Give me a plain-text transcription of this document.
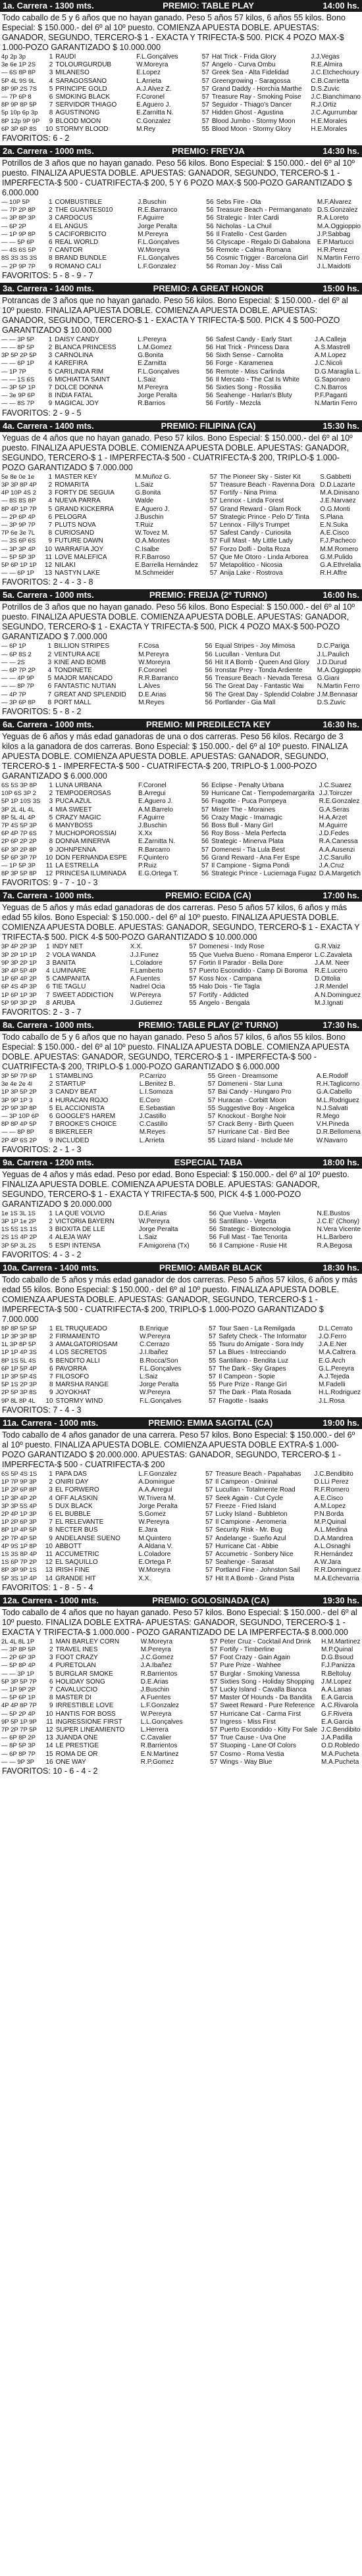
1a. Carrera - 1300 mts.	PREMIO: TABLE PLAY	14:00 hs.
Todo caballo de 5 y 6 años que no hayan ganado. Peso 5 años 57 kilos, 6 años 55 kilos. Bono Especial: $ 150.000.- del 6º al 10º puesto. COMIENZA APUESTA DOBLE. APUESTAS: GANADOR, SEGUNDO, TERCERO-$ 1 - EXACTA Y TRIFECTA-$ 500. PICK 4 POZO MAX-$ 1.000-POZO GARANTIZADO $ 10.000.000
4p 2p 3p	1	RAUDI	F.L.Gonçalves	57	Hat Trick - Frida Glory	J.J.Vegas
3e 6e 1P 2S	2	TOLOURGURDUB	W.Moreyra	57	Angelo - Curva Ombu	R.E.Almira
— 6S 8P 8P	3	MILANESO	E.Lopez	57	Greek Sea - Alta Fidelidad	J.C.Etchechoury
5P 4L 9S 9L	4	SARAGOSSANO	L.Arrieta	57	Greengrowing - Saragossa	C.B.Carrietta
8P 9P 2S 7S	5	PRINCIPE GOLD	A.J.Alvez Z.	57	Grand Daddy - Horchia Marthe	D.S.Zuvic
— 7P 6P 8	6	SMOKING BLACK	F.Coronel	57	Treasure Ray - Smoking Poise	J.C.Bianchimano
8P 9P 8P 5P	7	SERVIDOR THIAGO	E.Aguero J.	57	Seguidor - Thiago's Dancer	R.J.Ortiz
5p 10p 6p 3p	8	AGUSTINONG	E.Zarnitta N.	57	Hidden Ghost - Agustina	J.C.Agurrumbar
8P 12p 9P 9P	9	BLOOD MOON	C.Gonzalez	57	Blood Jumbo - Stormy Moon	H.E.Morales
6P 3P 6P 8S	10	STORMY BLOOD	M.Rey	55	Blood Moon - Stormy Glory	H.E.Morales
FAVORITOS: 6 - 2
2a. Carrera - 1000 mts.	PREMIO: FREYJA	14:30 hs.
Potrillos de 3 años que no hayan ganado. Peso 56 kilos. Bono Especial: $ 150.000.- del 6º al 10º puesto. FINALIZA APUESTA DOBLE. APUESTAS: GANADOR, SEGUNDO, TERCERO-$ 1 - IMPERFECTA-$ 500 - CUATRIFECTA-$ 200, 5 Y 6 POZO MAX-$ 500-POZO GARANTIZADO $ 6.000.000
— 10P 5P	1	COMBUSTIBLE	J.Buschin	56	Sebs Fire - Ota	M.F.Alvarez
— 7P 2P 8P	2	THE GUANTES010	R.E.Barranco	56	Treasure Beach - Permanganato	D.S.Gonzalez
— 3P 8P 3P	3	CARDOCUS	F.Aguirre	56	Strategic - Inter Cardi	R.A.Loreto
— 6P 2P	4	EL ANGUS	Jorge Peralta	56	Nicholas - La Chuil	M.A.Oggioppio
— 1P 9P 8P	5	CACIFORBICITO	M.Pereyra	56	Il Fratello - Cest Garden	J.P.Sabbag
— — 5P 6P	6	REAL WORLD	F.L.Gonçalves	56	Cityscape - Regalo Di Gabalona	E.P.Martucci
— 4S 6S 5P	7	CANTOR	W.Moreyra	56	Remote - Calma Romana	H.R.Perez
8S 3S 3S 3S	8	BRAND BUNDLE	F.L.Gonçalves	56	Cosmic Trigger - Barcelona Girl	N.Martin Ferro
— 2P 9P 7P	9	ROMANO CALI	L.F.Gonzalez	56	Roman Joy - Miss Cali	J.L.Maidotti
FAVORITOS: 5 - 8 - 9 - 7
3a. Carrera - 1400 mts.	PREMIO: A GREAT HONOR	15:00 hs.
Potrancas de 3 años que no hayan ganado. Peso 56 kilos. Bono Especial: $ 150.000.- del 6º al 10º puesto. FINALIZA APUESTA DOBLE. COMIENZA APUESTA DOBLE. APUESTAS: GANADOR, SEGUNDO, TERCERO-$ 1 - EXACTA Y TRIFECTA-$ 500. PICK 4 $ 500-POZO GARANTIZADO $ 10.000.000
— — 3P 5P	1	DAISY CANDY	L.Pereyra	56	Safest Candy - Early Start	J.A.Calleja
— — 8P 5P	2	BLANCA PRINCESS	L.M.Gomez	56	Hat Trick - Princess Dara	A.S.Mastrell
3P 5P 2P 5P	3	CARNOLINA	G.Bonita	56	Sixth Sense - Carnolita	A.M.Lopez
— — 6P 1P	4	KAREFIRA	E.Zarnitta	56	Forge - Karamenea	J.C.Nicoli
— 1P 7P	5	CARILINDA RIM	F.L.Gonçalves	56	Remote - Miss Carlinda	D.G.Maraglia L.
— — 1S 6S	6	MICHIATTA SAINT	L.Saiz	56	Il Mercato - The Cat Is White	G.Saponaro
— 3P 5P 1P	7	DOLCE DONNA	M.Pereyra	56	Sixties Song - Rossilia	C.N.Barros
— 3e 9P 6P	8	INDIA FATAL	Jorge Peralta	56	Seahenge - Harlan's Bluty	P.F.Paganti
— — 8S 7P	9	MAGICAL JOY	R.Barrios	56	Fortify - Mezcla	N.Martin Ferro
FAVORITOS: 2 - 9 - 5
4a. Carrera - 1400 mts.	PREMIO: FILIPINA (CA)	15:30 hs.
Yeguas de 4 años que no hayan ganado. Peso 57 kilos. Bono Especial: $ 150.000.- del 6º al 10º puesto. FINALIZA APUESTA DOBLE. COMIENZA APUESTA DOBLE. APUESTAS: GANADOR, SEGUNDO, TERCERO-$ 1 - IMPERFECTA-$ 500 - CUATRIFECTA-$ 200, TRIPLO-$ 1.000-POZO GARANTIZADO $ 7.000.000
5e 8e 0e 1e	1	MASTER KEY	M.Muñoz G.	57	The Pioneer Sky - Sister Kit	S.Gabbetti
3P 3P 8P 4P	2	ROMARITA	L.Saiz	57	Treasure Beach - Ravenna Dora	D.D.Lazarte
4P 10P 4S 2	3	FORTY DE SEGUIA	G.Bonita	57	Fortify - Nina Prima	M.A.Dinisano
— 8S 8S 8P	4	NUEVA PARRA	Walde	57	Lennox - Linda Forest	J.E.Narvaez
8P 4P 1P 7P	5	GRAND KICKERRA	E.Aguero J.	57	Grand Reward - Glam Rock	O.G.Monti
— 2P 6P 4P	6	PELOGRA	J.Buschin	57	Strategic Prince - Pelo D' Tinta	S.Plana
— 3P 9P 7P	7	PLUTS NOVA	T.Ruiz	57	Lennox - Filly's Trumpet	E.N.Suka
7P 6e 3e 7L	8	CURIOSAND	W.Tovez M.	57	Safest Candy - Curiosita	A.E.Cisco
— 3S 6P 6S	9	FUTURE DAWN	O.A.Montes	57	Full Mast - My Little Lady	F.J.Pacheco
— 3P 3P 4P	10	WARRAFIA JOY	C.Isalbe	57	Forzo Dolfi - Dolta Roza	M.M.Romero
— 5P 5P 3P	11	LOVE MALEFICA	R.F.Barroso	57	Que Me Otoro - Linda Arborea	G.M.Pulido
5P 6P 1P 1P	12	NILAKI	E.Barrella Hernández	57	Metapolitico - Nicosia	G.A.Ethrelalia
— — 6P 1P	13	NASTYN LAKE	M.Schmeider	57	Anija Lake - Rostrova	R.H.Affre
FAVORITOS: 2 - 4 - 3 - 8
5a. Carrera - 1000 mts.	PREMIO: FREIJA (2º TURNO)	16:00 hs.
Potrillos de 3 años que no hayan ganado. Peso 56 kilos. Bono Especial: $ 150.000.- del 6º al 10º puesto. FINALIZA APUESTA DOBLE. COMIENZA APUESTA DOBLE. APUESTAS: GANADOR, SEGUNDO, TERCERO-$ 1 - EXACTA Y TRIFECTA-$ 500, PICK 4 POZO MAX-$ 500-POZO GARANTIZADO $ 7.000.000
— 6P 1P	1	BILLION STRIPES	F.Cosa	56	Equal Stripes - Joy Mimosa	D.C.Pariga
— 6P 8S 2	2	VENTURA ACE	M.Pereyra	56	Lucullan - Ventura Dut	J.L.Paulich
— — 2S	3	KINE AND BOMB	W.Moreyra	56	Hit It A Bomb - Queen And Glory	J.D.Durud
— 6P 7P 2P	4	TONDINETE	F.Coronel	56	Ironstar Prey - Tonda Ardiente	M.A.Oggioppio
— — 4P 9P	5	MAJOR MANCADO	R.R.Barranco	56	Treasure Beach - Nevada Teresa	G.Giani
— — 8P 7P	6	FANTASTIC NUTIAN	L.Alves	56	The Great Day - Fantastic Wai	N.Martin Ferro
— 4P 7P	7	GREAT AND SPLENDID	D.E.Arias	56	The Great Day - Splendid Colabre	J.M.Bennasar
— 3P 6P 8P	8	PORT MALL	M.Reyes	56	Portlander - Gia Mall	D.S.Zuvic
FAVORITOS: 5 - 8 - 2
6a. Carrera - 1000 mts.	PREMIO: MI PREDILECTA KEY	16:30 hs.
Yeguas de 6 años y más edad ganadoras de una o dos carreras. Peso 56 kilos. Recargo de 3 kilos a la ganadora de dos carreras. Bono Especial: $ 150.000.- del 6º al 10º puesto. FINALIZA APUESTA DOBLE. COMIENZA APUESTA DOBLE. APUESTAS: GANADOR, SEGUNDO, TERCERO-$ 1 - IMPERFECTA-$ 500 - CUATRIFECTA-$ 200, TRIPLO-$ 1.000-POZO GARANTIZADO $ 6.000.000
6S 5S 3P 8P	1	LUNA URBANA	F.Coronel	56	Eclipse - Penalty Urbana	J.C.Suarez
10P 6S 3P 2	2	TEMPODEROSAS	B.Arregui	59	Hurricane Cat - Tiempodemargarita	J.J.Toirczer
5P 1P 10S 3S	3	PUCA AZUL	E.Aguero J.	56	Fragotte - Puca Pompeya	R.E.Gonzalez
3P 2L 4L 4L	4	MIA SWEET	A.M.Barrelo	57	Mister The - Moraines	G.A.Seras
8P 5L 4L 4P	5	CRAZY MAGIC	F.Aguirre	56	Crazy Magic - Imamagic	H.A.Arzet
7P 4S 5P 3P	6	MANYBOSS	J.Buschin	56	Boss Bull - Many Girl	M.Aguirre
6P 4P 7P 6S	7	MUCHOPOROSSIAI	X.Xx	56	Roy Boss - Mela Perfecta	J.D.Fedes
2P 6P 2P 2P	8	DONNA MINERVA	E.Zarnitta N.	56	Strategic - Minerva Plata	R.A.Canessa
6P 3P 2P 8P	9	JOHNPENNA	R.Barcarro	57	Domenesi - Tia Lula Best	A.A.Ausenzi
5P 6P 3P 7P	10	DON FERNANDA ESPE	F.Quintero	56	Grand Reward - Ana Fer Espe	J.C.Sarullo
— 1P 5P 3P	11	LA ESTRELLA	P.Ruiz	57	Il Campione - Sigma Pondi	J.A.Cruz
8P 3P 5P 8P	12	PRINCESA ILUMINADA	E.G.Ortega T.	56	Strategic Prince - Luciernaga Fugaz	D.A.Margetich
FAVORITOS: 9 - 7 - 10 - 3
7a. Carrera - 1000 mts.	PREMIO: ECIDA (CA)	17:00 hs.
Yeguas de 5 años y más edad ganadoras de dos carreras. Peso 5 años 57 kilos, 6 años y más edad 55 kilos. Bono Especial: $ 150.000.- del 6º al 10º puesto. FINALIZA APUESTA DOBLE. COMIENZA APUESTA DOBLE. APUESTAS: GANADOR, SEGUNDO, TERCERO-$ 1 - EXACTA Y TRIFECTA-$ 500. PICK 4-$ 500-POZO GARANTIZADO $ 10.000.000
3P 4P 2P 3P	1	INDY NET	X.X.	57	Domenesi - Indy Rose	G.R.Vaiz
3P 2P 1P 1P	2	VOLA WANDA	J.J.Funez	55	Que Vuelva Bueno - Romana Emperor	L.C.Zavaleta
9P 3P 2P 1P	3	BANITA	L.Coladore	57	Fortin Il Parador - Bella Dore	J.A.M. Neer
3P 4P 5P 4P	4	LUMINARE	F.Lamberto	57	Puerto Escondido - Camp Di Boroma	R.E.Lucero
1P 6P 4P 2P	5	CAMPANITA	A.Fuentes	57	Koss Nox - Campana	D.Ottolia
6P 4S 4P 3P	6	TIE TAGLU	Nadrel Ocia	55	Halo Dois - Tie Tagla	J.R.Mendel
1P 6P 1P 3P	7	SWEET ADDICTION	W.Pereyra	57	Fortify - Addicted	A.N.Dominguez
5P 9P 3P 2P	8	ARUBA	J.Gutierrez	55	Angelo - Bengala	M.J.Ignati
FAVORITOS: 2 - 3 - 7
8a. Carrera - 1000 mts.	PREMIO: TABLE PLAY (2º TURNO)	17:30 hs.
Todo caballo de 5 y 6 años que no hayan ganado. Peso 5 años 57 kilos, 6 años 55 kilos. Bono Especial: $ 150.000.- del 6º al 10º puesto. FINALIZA APUESTA DOBLE. COMIENZA APUESTA DOBLE. APUESTAS: GANADOR, SEGUNDO, TERCERO-$ 1 - IMPERFECTA-$ 500 - CUATRIFECTA-$ 200, TRIPLO-$ 1.000-POZO GARANTIZADO $ 6.000.000
3P 5P 7P 6P	1	STAMBLING	P.Carrizo	55	Green - Dreamsome	A.E.Rodolf
3e 4e 2e 4l	2	STARTUP	L.Benitez B.	57	Domeneni - Star Luna	R.H.Taglicorno
1P 3P 5P 2P	3	CANDY BEAT	L.I.Somoza	57	Bai Candy - Hungaro Pro	G.A.Cabello
3P 9P 1P 3	4	HURACAN ROJO	E.Coro	57	Huracan - Corbitt Moon	M.L.Rodriguez
2P 9P 3P 8P	5	EL ACCIONISTA	E.Sebastian	55	Suggestive Boy - Angelica	N.J.Salvati
— 3P 10P 6P	6	GOOGLE'S HAREM	J.Castillo	57	Knockout - Borghe Noir	R.Mego
8P 8P 4P 5P	7	BROOKE'S CHOICE	C.Castillo	57	Crack Berry - Birth Queen	V.H.Pineda
— — 8P 8P	8	BIKERLEER	M.Reyes	57	Hurricane Cat - Bird Bee	D.R.Bellomena
2P 4P 6S 2P	9	INCLUDED	L.Arrieta	55	Lizard Island - Include Me	W.Navarro
FAVORITOS: 2 - 1 - 3
9a. Carrera - 1200 mts.	ESPECIAL TABA	18:00 hs.
Yeguas de 4 años y más edad. Peso por edad. Bono Especial: $ 150.000.- del 6º al 10º puesto. FINALIZA APUESTA DOBLE. COMIENZA APUESTA DOBLE. APUESTAS: GANADOR, SEGUNDO, TERCERO-$ 1 - EXACTA Y TRIFECTA-$ 500, PICK 4-$ 1.000-POZO GARANTIZADO $ 20.000.000
1e 1S 3L 1S	1	LA QUE VOLVIO	D.E.Arias	56	Que Vuelva - Maylen	N.E.Bustos
3P 1P 1e 2P	2	VICTORIA BAYERN	W.Pereyra	56	Santillano - Vegetta	J.C.E' (Chony)
1S 5S 1S 1S	3	BIOXITA DE LLE	Jorge Peralta	56	Strategic - Biotecnologia	N.Vera Vicente
2S 1S 4P 2P	4	ALEJA WAY	L.Saiz	56	Full Mast - Tae Tenorita	H.L.Barbero
3P 5P 3L 2S	5	ESPI INTENSA	F.Amigorena (Tx)	56	Il Campione - Rusie Hit	R.A.Begosa
FAVORITOS: 4 - 3 - 2
10a. Carrera - 1400 mts.	PREMIO: AMBAR BLACK	18:30 hs.
Todo caballo de 5 años y más edad ganador de dos carreras. Peso 5 años 57 kilos, 6 años y más edad 55 kilos. Bono Especial: $ 150.000.- del 6º al 10º puesto. FINALIZA APUESTA DOBLE. COMIENZA APUESTA DOBLE. APUESTAS: GANADOR, SEGUNDO, TERCERO-$ 1 - IMPERFECTA-$ 500 - CUATRIFECTA-$ 200, TRIPLO-$ 1.000-POZO GARANTIZADO $ 7.000.000
8P 8P 5P 5P	1	EL TRUQUEADO	B.Enrique	57	Tour Saen - La Remilgada	D.L.Cerrato
1P 3P 3P 8P	2	FIRMAMENTO	W.Pereyra	57	Safety Check - The Informator	J.O.Ferro
1L 3P 8P 5P	3	AMALGATORIOSAM	C.Cerrazo	55	Tsuru do Amigate - Sora Indy	J.A.E.Ner
1P 1P 4P 3S	4	LOS SECRETOS	J.I.Ibañez	57	La Blues - Intrecciando	M.A.Caltrera
8P 1S 5L 4S	5	BENDITO ALLI	B.Rocca/Son	55	Santillano - Bendita Luz	E.G.Arch
6P 1P 5P 4P	6	PAVORRA	F.L.Gonçalves	57	The Dark - Sky Grapes	G.L.Pereyra
1P 3P 5P 4S	7	FILOSOFO	L.Saiz	57	Il Campeon - Sopie	A.J.Tejeda
5P 1S 2P 3P	8	MARSHA RANGE	Jorge Peralta	55	Pure Prize - Range Girl	M.Fadelli
2P 5P 3P 8S	9	JOYOKHAT	W.Pereyra	57	The Dark - Plata Rosada	H.L.Rodriguez
9P 8L 8P 4L	10	STORMY WIND	F.L.Gonçalves	57	Fragotte - Isaaks	J.L.Rosa
FAVORITOS: 7 - 4 - 3
11a. Carrera - 1000 mts.	PREMIO: EMMA SAGITAL (CA)	19:00 hs.
Todo caballo de 4 años ganador de una carrera. Peso 57 kilos. Bono Especial: $ 150.000.- del 6º al 10º puesto. FINALIZA APUESTA DOBLE. COMIENZA APUESTA DOBLE EXTRA-$ 1.000-POZO GARANTIZADO $ 20.000.000. APUESTAS: GANADOR, SEGUNDO, TERCERO-$ 1 - IMPERFECTA-$ 500 - CUATRIFECTA-$ 200
6S 5P 4S 1S	1	PAPA DAS	L.F.Gonzalez	57	Treasure Beach - Papahabas	J.C.Bendibito
1P 7P 9P 3P	2	ONIRI DAY	A.Domingue	57	Il Campeon - Onirinal	D.LLi Perez
1P 2P 6P 8P	3	EL FORWERO	A.A.Arregui	57	Lucullan - Totalmente Road	R.F.Romero
1P 3P 4P 2P	4	OFF ALASKIN	W.Trivera M.	57	Seek Again - Cut Cycle	A.E.Cisco
3P 3P 5S 4P	5	DUX BLACK	Jorge Peralta	57	Freeze - Fried Island	A.M.Lopez
2P 4P 1P 3P	6	EL BUBBLE	S.Gomez	57	Lucky Island - Bubbleton	P.N.Borda
1P 2P 6P 3P	7	EL RELEVANTE	W.Pereyra	57	Il Campione - Aeromeria	M.P.Quinal
8P 1P 4P 5P	8	NECTER BUS	E.Jara	57	Security Risk - Mr. Bug	A.L.Medina
2P 7P 4P 5P	9	ANDELANSE SUENO	M.Quintero	57	Andelange - Sueño Azul	D.A.Mandrea
4P 9S 1P 8P	10	ABBOTT	A.Aldana V.	57	Hurricane Cat - Abbie	A.L.Osnaghi
1S 3S 8P 4P	11	ACCUMETRIC	L.Coladore	57	Accumetric - Sonbery Nice	R.Hernández
1S 6P 7P 2P	12	EL SAQUILLO	E.Ortega P.	57	Seahenge - Sarasat	A.W.Jara
8P 3P 9P 1S	13	IRISH FINE	W.Moreyra	57	Portland Fine - Johnston Sail	R.R.Dominguez
5P 3S 1P 4P	14	GRANDE HIT	X.X.	57	Hit It A Bomb - Grand Pista	M.A.Echevarria
FAVORITOS: 1 - 8 - 5 - 4
12a. Carrera - 1000 mts.	PREMIO: GOLOSINADA (CA)	19:30 hs.
Todo caballo de 4 años que no hayan ganado. Peso 57 kilos. Bono Especial: $ 150.000.- del 6º al 10º puesto. FINALIZA DOBLE EXTRA- APUESTAS: GANADOR, SEGUNDO, TERCERO-$ 1 - EXACTA Y TRIFECTA-$ 1.000.000 - POZO GARANTIZADO DE LA IMPERFECTA-$ 8.000.000
2L 4L 8L 1P	1	MAN BARLEY CORN	W.Moreyra	57	Peter Cruz - Cocktail And Drink	H.M.Martinez
— 3P 8P 5P	2	TRAVEL INES	M.Pereyra	57	Fortify - Timberline	M.P.Quinal
— 2P 6P 3P	3	FOOT CRAZY	J.C.Gomez	57	Foot Crazy - Gain Again	D.G.Bsoud
— 5P 8P 4P	4	PURETOLAN	J.A.Ibañez	57	Pure Prize - Wahhee	F.J.Panizza
— — 3P 1P	5	BURGLAR SMOKE	R.Barrientos	57	Burglar - Smoking Vanessa	R.Beltoluy
5P 3P 5P 7P	6	HOLIDAY SONG	D.E.Arias	57	Sixties Song - Holiday Shopping	J.M.Lopez
— 1P 9P 2P	7	CAVALUCCIO	J.Buschin	57	Lucky Island - Cavalla Bianca	A.A.Lanas
— 5P 6P 1P	8	MASTER DI	A.Fuentes	57	Master Of Hounds - Da Bandita	E.A.Garcia
4P 4P 8P 7P	9	IRRESTIBLE LOVE	L.F.Gonzalez	57	Sweet Reward - Pure Reference	A.C.Rivarola
— 5P 2P 4P	10	HANTIS FOR BOSS	W.Pereyra	57	Hurricane Cat - Carma First	G.F.Rivera
9P 5P 1P 9P	11	INGRESSIONE FIRST	L.L.Gonçalves	57	Ingress - Miss First	E.A.Garcia
7P 2P 7P 5P	12	SUPER LINEAMIENTO	L.Herrera	57	Puerto Escondido - Kitty For Sale	J.C.Bendibito
— 6P 8P 2P	13	JUANDA ONE	C.Cavalier	57	True Cause - Uva One	J.A.Padilla
— 8P 5P 3P	14	LE PRESTIGE	R.Barrientos	57	Stuoping - Lane Of Colors	O.D.Robledo
— 6P 8P 7P	15	ROMA DE OR	E.N.Martinez	57	Cosmo - Roma Vestia	M.A.Pucheta
— — 9P 3P	16	ONE WAY	R.P.Gomez	57	Wings - Way Blue	M.A.Pucheta
FAVORITOS: 10 - 6 - 4 - 2
